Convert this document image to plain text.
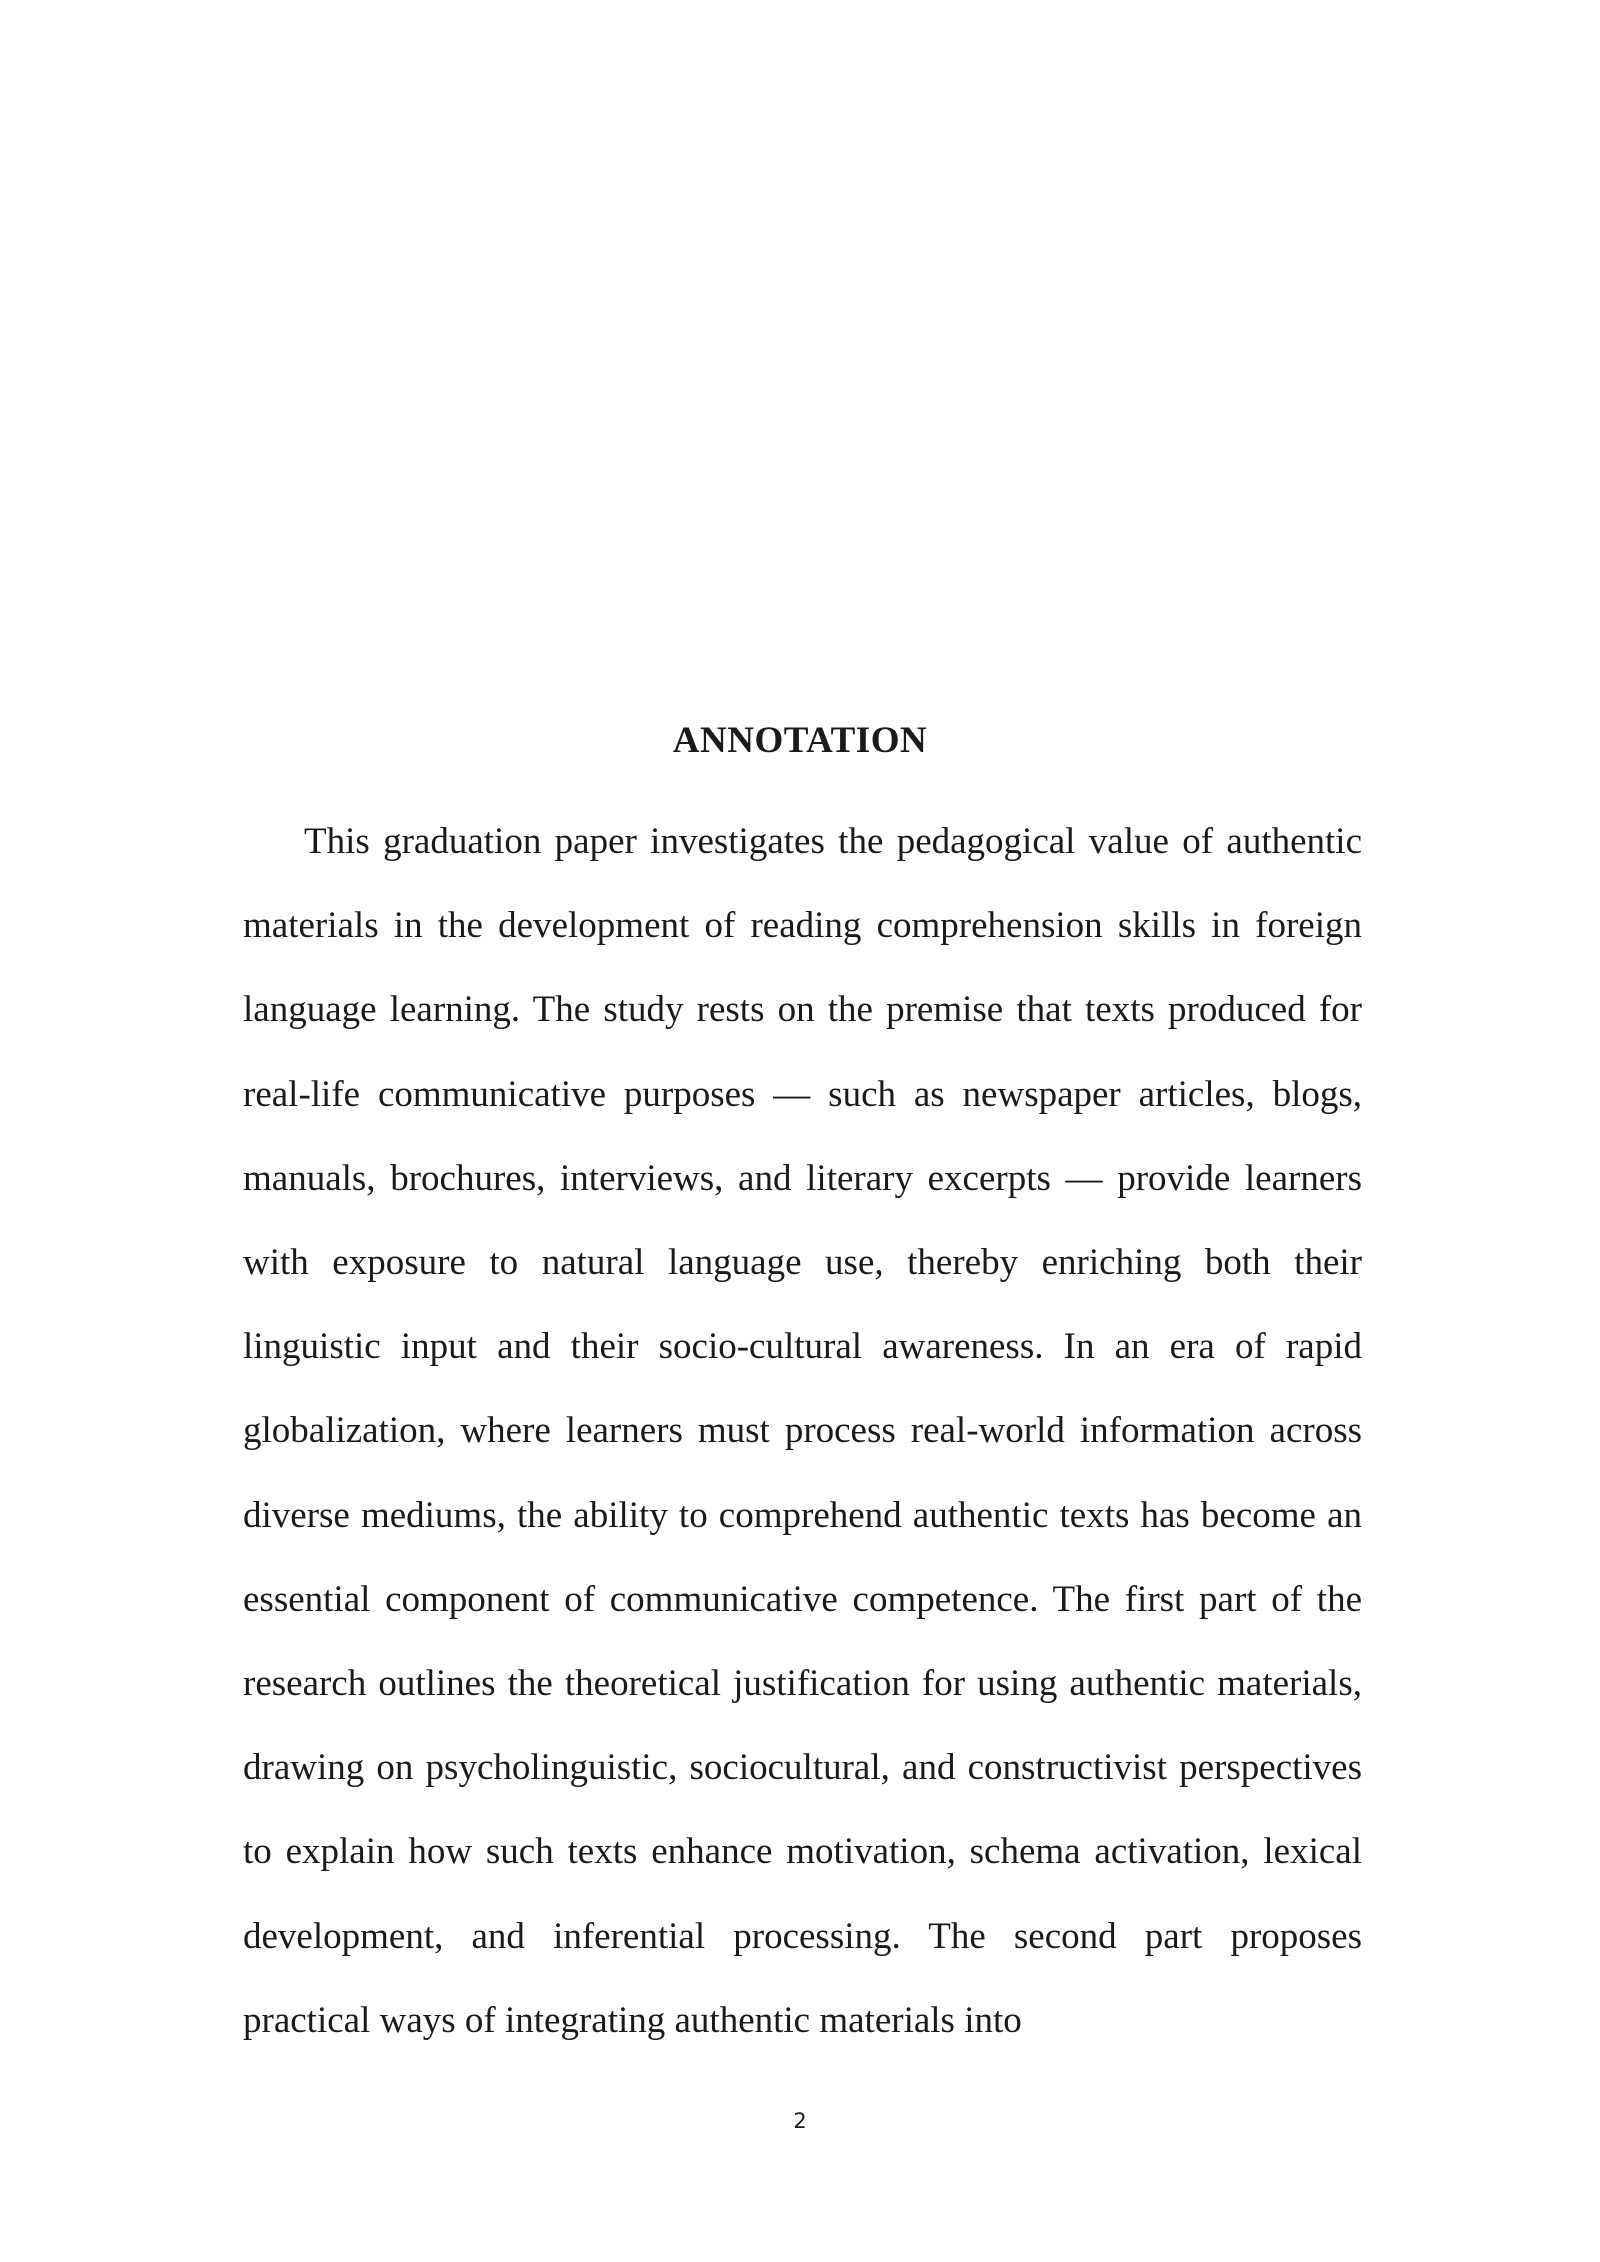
ANNOTATION

This graduation paper investigates the pedagogical value of authentic materials in the development of reading comprehension skills in foreign language learning. The study rests on the premise that texts produced for real-life communicative purposes — such as newspaper articles, blogs, manuals, brochures, interviews, and literary excerpts — provide learners with exposure to natural language use, thereby enriching both their linguistic input and their socio-cultural awareness. In an era of rapid globalization, where learners must process real-world information across diverse mediums, the ability to comprehend authentic texts has become an essential component of communicative competence. The first part of the research outlines the theoretical justification for using authentic materials, drawing on psycholinguistic, sociocultural, and constructivist perspectives to explain how such texts enhance motivation, schema activation, lexical development, and inferential processing. The second part proposes practical ways of integrating authentic materials into

2
